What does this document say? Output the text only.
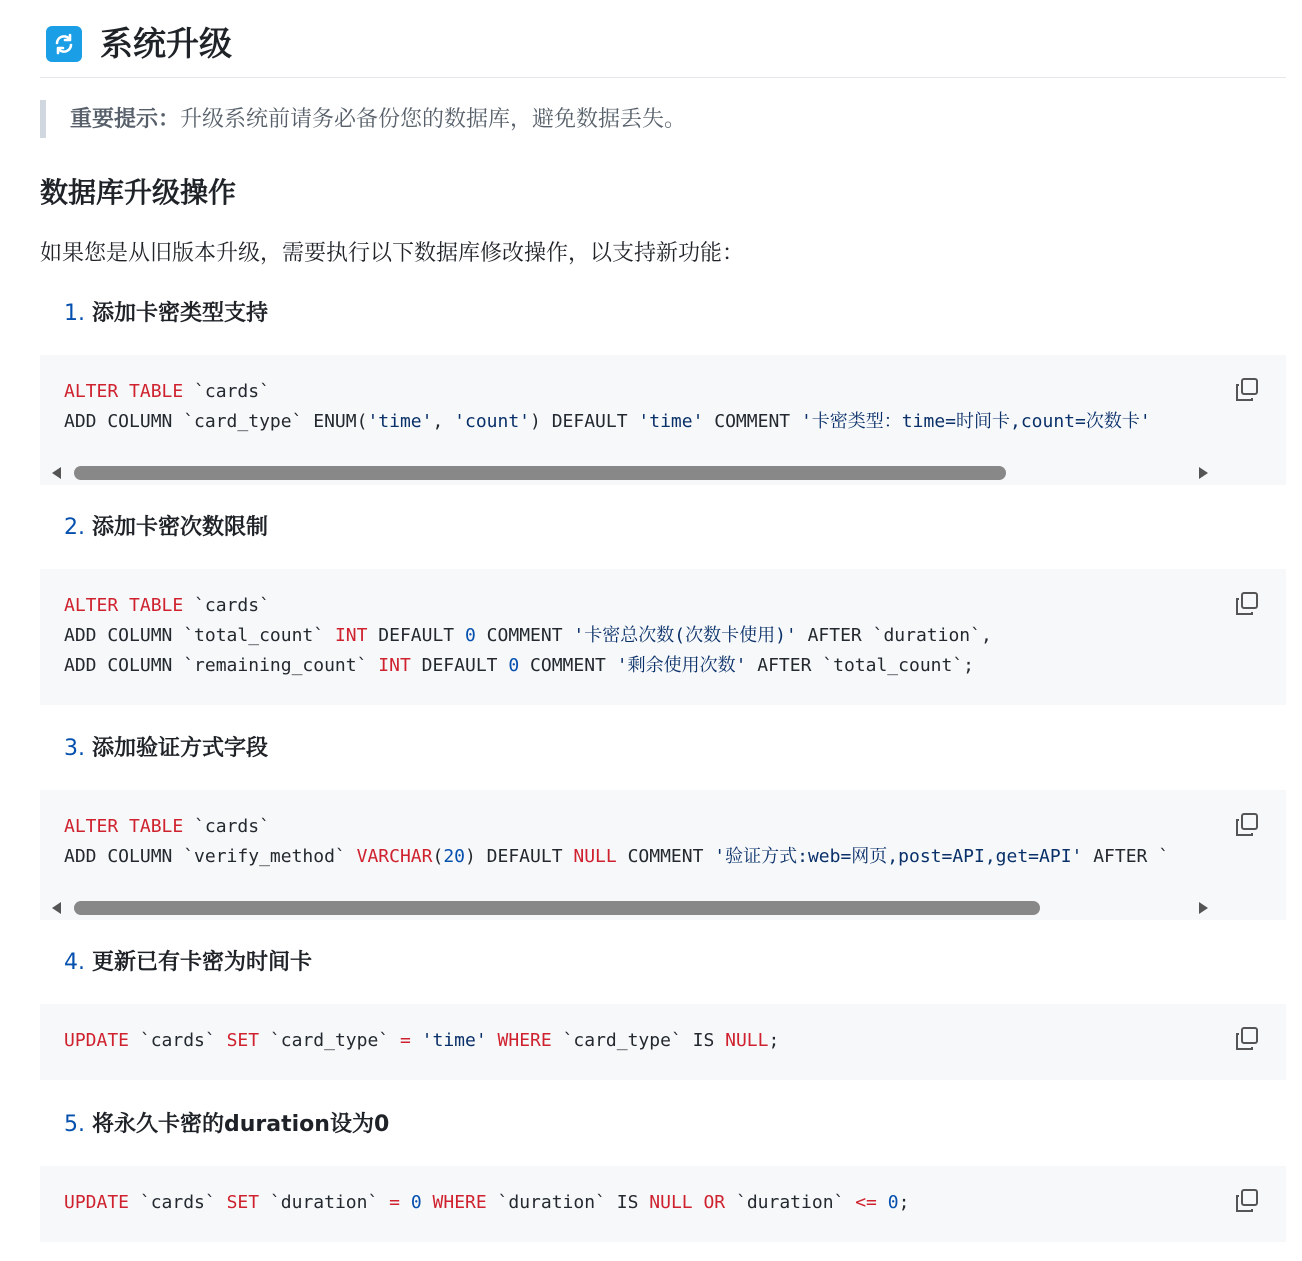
系统升级
重要提示：升级系统前请务必备份您的数据库，避免数据丢失。
数据库升级操作
如果您是从旧版本升级，需要执行以下数据库修改操作，以支持新功能：
1. 添加卡密类型支持
ALTER TABLE `cards`
ADD COLUMN `card_type` ENUM('time', 'count') DEFAULT 'time' COMMENT '卡密类型：time=时间卡,count=次数卡'
2. 添加卡密次数限制
ALTER TABLE `cards`
ADD COLUMN `total_count` INT DEFAULT 0 COMMENT '卡密总次数(次数卡使用)' AFTER `duration`,
ADD COLUMN `remaining_count` INT DEFAULT 0 COMMENT '剩余使用次数' AFTER `total_count`;
3. 添加验证方式字段
ALTER TABLE `cards`
ADD COLUMN `verify_method` VARCHAR(20) DEFAULT NULL COMMENT '验证方式:web=网页,post=API,get=API' AFTER `
4. 更新已有卡密为时间卡
UPDATE `cards` SET `card_type` = 'time' WHERE `card_type` IS NULL;
5. 将永久卡密的duration设为0
UPDATE `cards` SET `duration` = 0 WHERE `duration` IS NULL OR `duration` <= 0;
